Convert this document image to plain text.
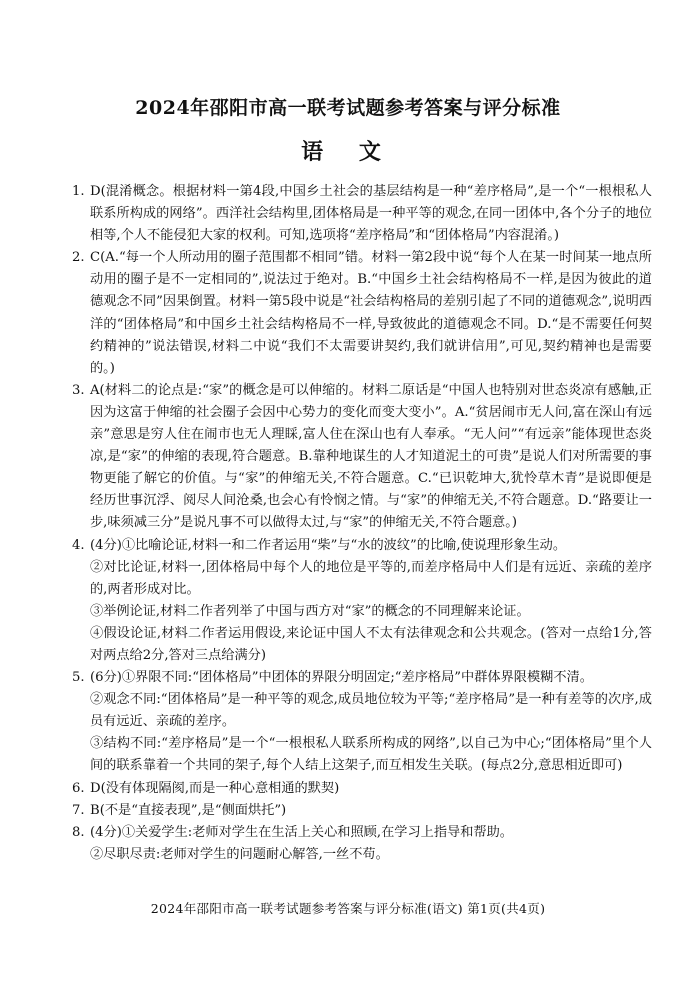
2024年邵阳市高一联考试题参考答案与评分标准
语 文
1. D(混淆概念。根据材料一第4段,中国乡土社会的基层结构是一种“差序格局”,是一个“一根根私人联系所构成的网络”。西洋社会结构里,团体格局是一种平等的观念,在同一团体中,各个分子的地位相等,个人不能侵犯大家的权利。可知,选项将“差序格局”和“团体格局”内容混淆。)

2. C(A.“每一个人所动用的圈子范围都不相同”错。材料一第2段中说“每个人在某一时间某一地点所动用的圈子是不一定相同的”,说法过于绝对。B.“中国乡土社会结构格局不一样,是因为彼此的道德观念不同”因果倒置。材料一第5段中说是“社会结构格局的差别引起了不同的道德观念”,说明西洋的“团体格局”和中国乡土社会结构格局不一样,导致彼此的道德观念不同。D.“是不需要任何契约精神的”说法错误,材料二中说“我们不太需要讲契约,我们就讲信用”,可见,契约精神也是需要的。)

3. A(材料二的论点是:“家”的概念是可以伸缩的。材料二原话是“中国人也特别对世态炎凉有感触,正因为这富于伸缩的社会圈子会因中心势力的变化而变大变小”。A.“贫居闹市无人问,富在深山有远亲”意思是穷人住在闹市也无人理睬,富人住在深山也有人奉承。“无人问”“有远亲”能体现世态炎凉,是“家”的伸缩的表现,符合题意。B.靠种地谋生的人才知道泥土的可贵”是说人们对所需要的事物更能了解它的价值。与“家”的伸缩无关,不符合题意。C.“已识乾坤大,犹怜草木青”是说即便是经历世事沉浮、阅尽人间沧桑,也会心有怜悯之情。与“家”的伸缩无关,不符合题意。D.“路要让一步,味须减三分”是说凡事不可以做得太过,与“家”的伸缩无关,不符合题意。)

4. (4分)①比喻论证,材料一和二作者运用“柴”与“水的波纹”的比喻,使说理形象生动。

②对比论证,材料一,团体格局中每个人的地位是平等的,而差序格局中人们是有远近、亲疏的差序的,两者形成对比。

③举例论证,材料二作者列举了中国与西方对“家”的概念的不同理解来论证。

④假设论证,材料二作者运用假设,来论证中国人不太有法律观念和公共观念。(答对一点给1分,答对两点给2分,答对三点给满分)

5. (6分)①界限不同:“团体格局”中团体的界限分明固定;“差序格局”中群体界限模糊不清。

②观念不同:“团体格局”是一种平等的观念,成员地位较为平等;“差序格局”是一种有差等的次序,成员有远近、亲疏的差序。

③结构不同:“差序格局”是一个“一根根私人联系所构成的网络”,以自己为中心;“团体格局”里个人间的联系靠着一个共同的架子,每个人结上这架子,而互相发生关联。(每点2分,意思相近即可)

6. D(没有体现隔阂,而是一种心意相通的默契)

7. B(不是“直接表现”,是“侧面烘托”)

8. (4分)①关爱学生:老师对学生在生活上关心和照顾,在学习上指导和帮助。

②尽职尽责:老师对学生的问题耐心解答,一丝不苟。

2024年邵阳市高一联考试题参考答案与评分标准(语文) 第1页(共4页)
